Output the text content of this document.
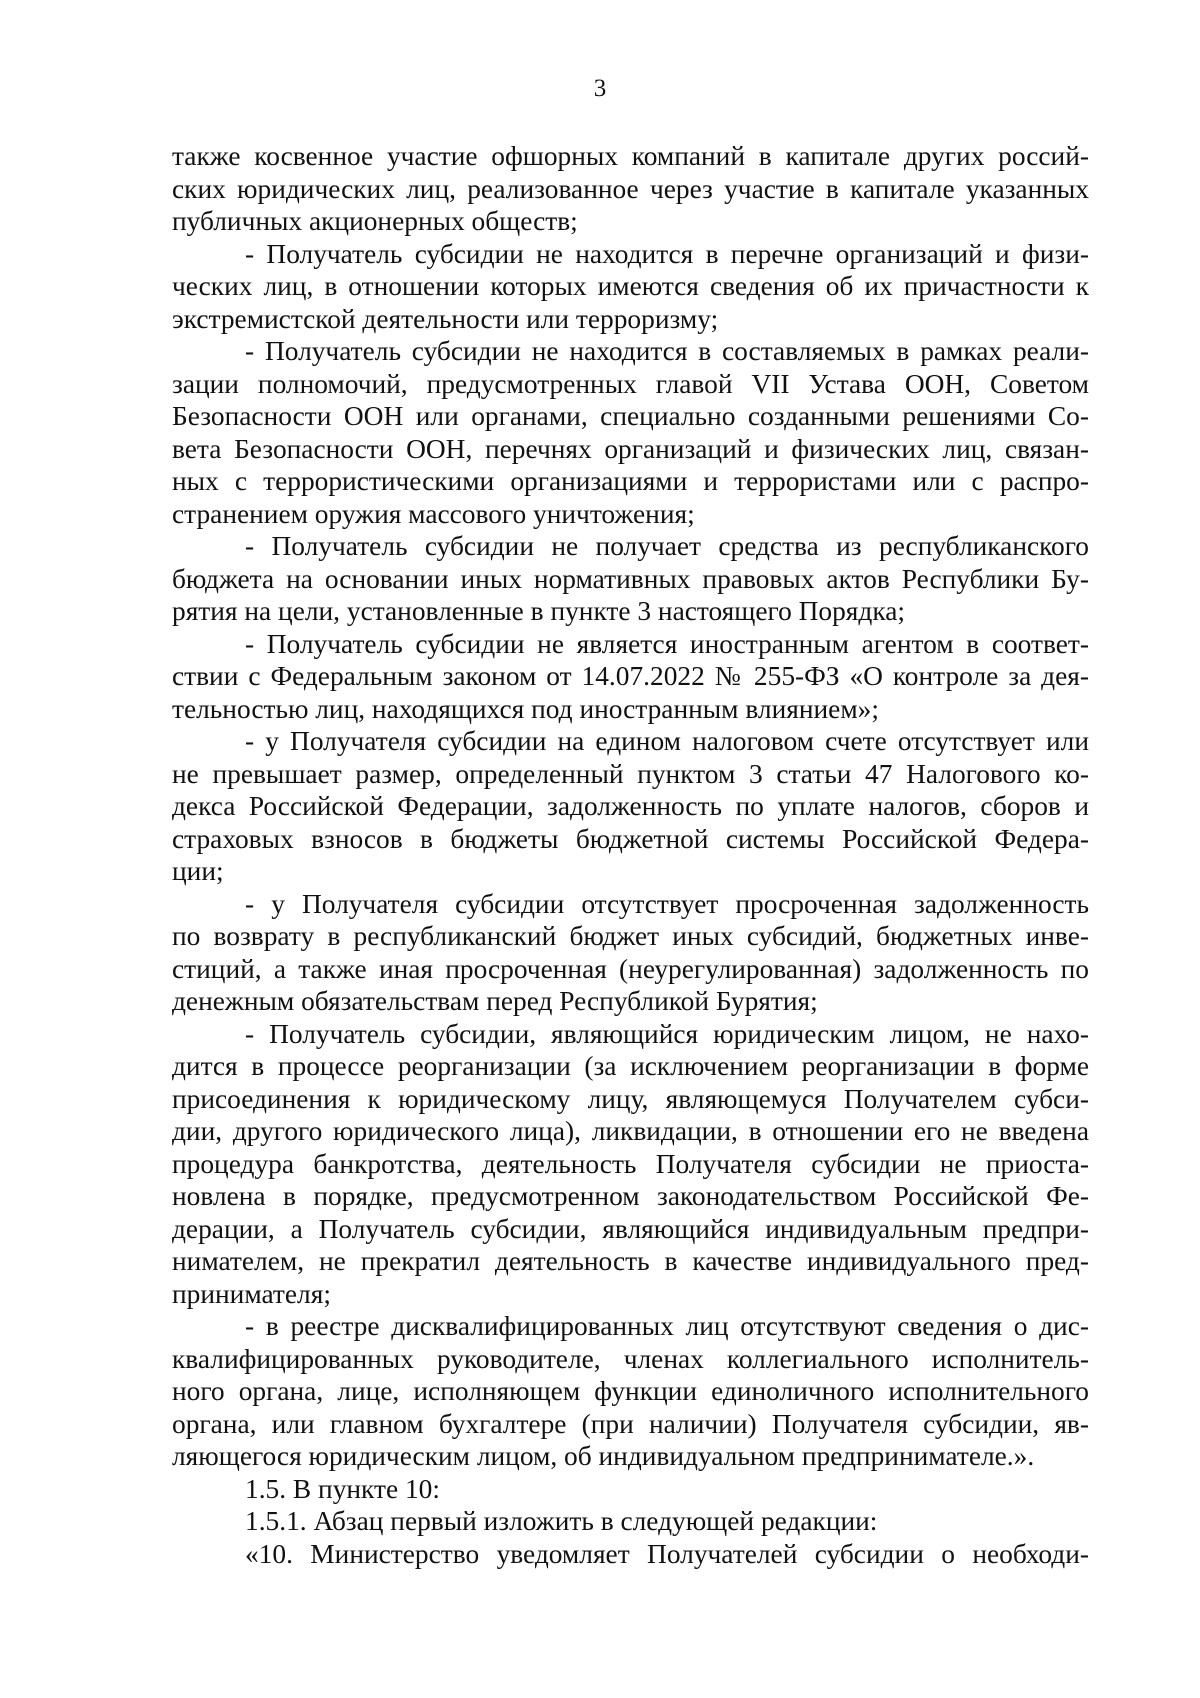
3
также косвенное участие офшорных компаний в капитале других россий-
ских юридических лиц, реализованное через участие в капитале указанных
публичных акционерных обществ;
- Получатель субсидии не находится в перечне организаций и физи-
ческих лиц, в отношении которых имеются сведения об их причастности к
экстремистской деятельности или терроризму;
- Получатель субсидии не находится в составляемых в рамках реали-
зации полномочий, предусмотренных главой VII Устава ООН, Советом
Безопасности ООН или органами, специально созданными решениями Со-
вета Безопасности ООН, перечнях организаций и физических лиц, связан-
ных с террористическими организациями и террористами или с распро-
странением оружия массового уничтожения;
- Получатель субсидии не получает средства из республиканского
бюджета на основании иных нормативных правовых актов Республики Бу-
рятия на цели, установленные в пункте 3 настоящего Порядка;
- Получатель субсидии не является иностранным агентом в соответ-
ствии с Федеральным законом от 14.07.2022 № 255-ФЗ «О контроле за дея-
тельностью лиц, находящихся под иностранным влиянием»;
- у Получателя субсидии на едином налоговом счете отсутствует или
не превышает размер, определенный пунктом 3 статьи 47 Налогового ко-
декса Российской Федерации, задолженность по уплате налогов, сборов и
страховых взносов в бюджеты бюджетной системы Российской Федера-
ции;
- у Получателя субсидии отсутствует просроченная задолженность
по возврату в республиканский бюджет иных субсидий, бюджетных инве-
стиций, а также иная просроченная (неурегулированная) задолженность по
денежным обязательствам перед Республикой Бурятия;
- Получатель субсидии, являющийся юридическим лицом, не нахо-
дится в процессе реорганизации (за исключением реорганизации в форме
присоединения к юридическому лицу, являющемуся Получателем субси-
дии, другого юридического лица), ликвидации, в отношении его не введена
процедура банкротства, деятельность Получателя субсидии не приоста-
новлена в порядке, предусмотренном законодательством Российской Фе-
дерации, а Получатель субсидии, являющийся индивидуальным предпри-
нимателем, не прекратил деятельность в качестве индивидуального пред-
принимателя;
- в реестре дисквалифицированных лиц отсутствуют сведения о дис-
квалифицированных руководителе, членах коллегиального исполнитель-
ного органа, лице, исполняющем функции единоличного исполнительного
органа, или главном бухгалтере (при наличии) Получателя субсидии, яв-
ляющегося юридическим лицом, об индивидуальном предпринимателе.».
1.5. В пункте 10:
1.5.1. Абзац первый изложить в следующей редакции:
«10. Министерство уведомляет Получателей субсидии о необходи-
